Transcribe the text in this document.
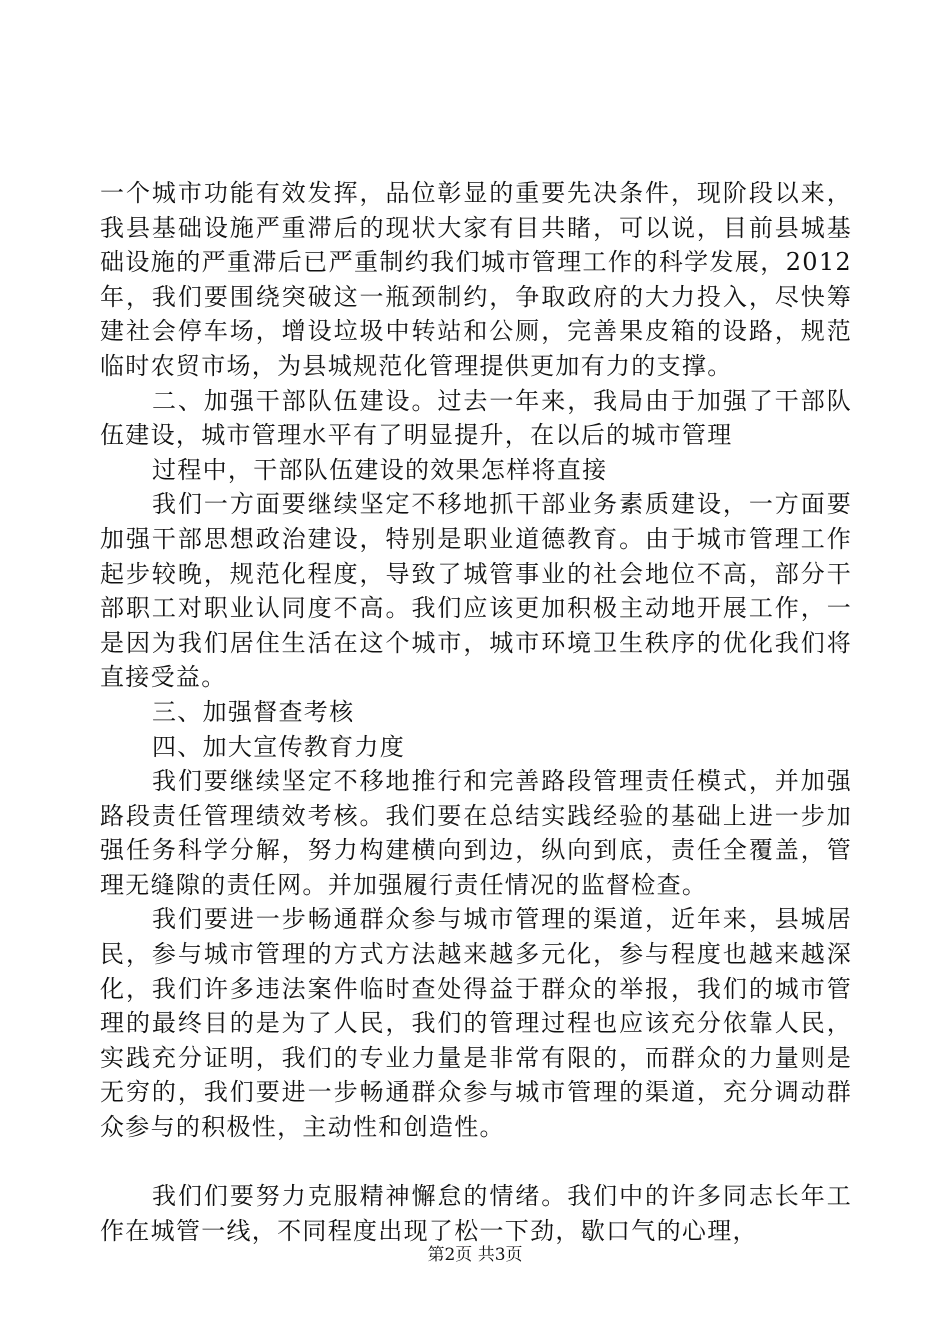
一个城市功能有效发挥，品位彰显的重要先决条件，现阶段以来，我县基础设施严重滞后的现状大家有目共睹，可以说，目前县城基础设施的严重滞后已严重制约我们城市管理工作的科学发展，2012年，我们要围绕突破这一瓶颈制约，争取政府的大力投入，尽快筹建社会停车场，增设垃圾中转站和公厕，完善果皮箱的设路，规范临时农贸市场，为县城规范化管理提供更加有力的支撑。

二、加强干部队伍建设。过去一年来，我局由于加强了干部队伍建设，城市管理水平有了明显提升，在以后的城市管理

过程中，干部队伍建设的效果怎样将直接

我们一方面要继续坚定不移地抓干部业务素质建设，一方面要加强干部思想政治建设，特别是职业道德教育。由于城市管理工作起步较晚，规范化程度，导致了城管事业的社会地位不高，部分干部职工对职业认同度不高。我们应该更加积极主动地开展工作，一是因为我们居住生活在这个城市，城市环境卫生秩序的优化我们将直接受益。

三、加强督查考核

四、加大宣传教育力度

我们要继续坚定不移地推行和完善路段管理责任模式，并加强路段责任管理绩效考核。我们要在总结实践经验的基础上进一步加强任务科学分解，努力构建横向到边，纵向到底，责任全覆盖，管理无缝隙的责任网。并加强履行责任情况的监督检查。

我们要进一步畅通群众参与城市管理的渠道，近年来，县城居民，参与城市管理的方式方法越来越多元化，参与程度也越来越深化，我们许多违法案件临时查处得益于群众的举报，我们的城市管理的最终目的是为了人民，我们的管理过程也应该充分依靠人民，实践充分证明，我们的专业力量是非常有限的，而群众的力量则是无穷的，我们要进一步畅通群众参与城市管理的渠道，充分调动群众参与的积极性，主动性和创造性。

我们们要努力克服精神懈怠的情绪。我们中的许多同志长年工作在城管一线，不同程度出现了松一下劲，歇口气的心理，

第2页 共3页
